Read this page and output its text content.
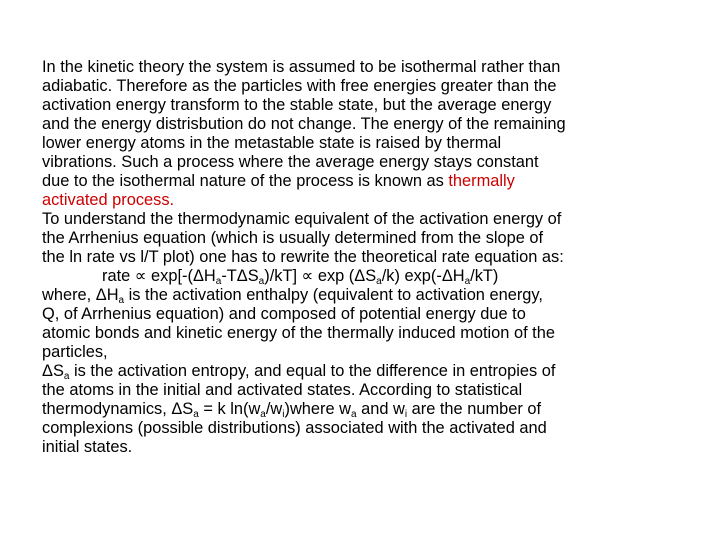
In the kinetic theory the system is assumed to be isothermal rather than
adiabatic. Therefore as the particles with free energies greater than the
activation energy transform to the stable state, but the average energy
and the energy distrisbution do not change. The energy of the remaining
lower energy atoms in the metastable state is raised by thermal
vibrations. Such a process where the average energy stays constant
due to the isothermal nature of the process is known as thermally
activated process.
To understand the thermodynamic equivalent of the activation energy of
the Arrhenius equation (which is usually determined from the slope of
the ln rate vs l/T plot) one has to rewrite the theoretical rate equation as:
rate ∝ $\exp[-(\Delta H_a-T\Delta S_a)/kT] \propto \exp (\Delta S_a/k)$ $\exp(-\Delta H_a/kT)$
where, $\Delta H_a$ is the activation enthalpy (equivalent to activation energy,
Q, of Arrhenius equation) and composed of potential energy due to
atomic bonds and kinetic energy of the thermally induced motion of the
particles,
$\Delta S_a$ is the activation entropy, and equal to the difference in entropies of
the atoms in the initial and activated states. According to statistical
thermodynamics, $\Delta S_a = k$ $\ln(w_a/w_i)where$ $w_a$ and $w_i$ are the number of
complexions (possible distributions) associated with the activated and
initial states.
